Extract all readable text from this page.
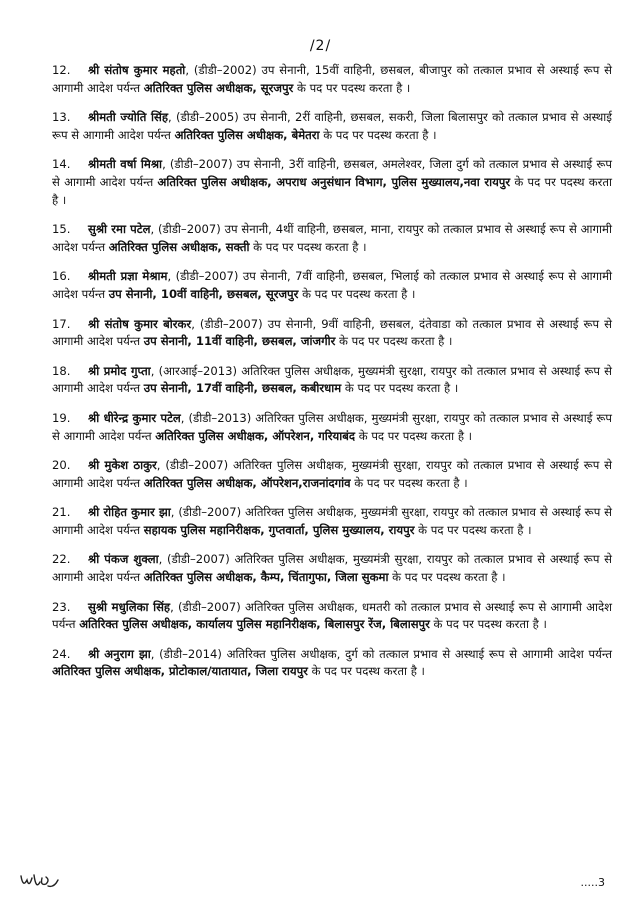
/2/
12. श्री संतोष कुमार महतो, (डीडी–2002) उप सेनानी, 15वीं वाहिनी, छसबल, बीजापुर को तत्काल प्रभाव से अस्थाई रूप से आगामी आदेश पर्यन्त अतिरिक्त पुलिस अधीक्षक, सूरजपुर के पद पर पदस्थ करता है ।
13. श्रीमती ज्योति सिंह, (डीडी–2005) उप सेनानी, 2रीं वाहिनी, छसबल, सकरी, जिला बिलासपुर को तत्काल प्रभाव से अस्थाई रूप से आगामी आदेश पर्यन्त अतिरिक्त पुलिस अधीक्षक, बेमेतरा के पद पर पदस्थ करता है ।
14. श्रीमती वर्षा मिश्रा, (डीडी–2007) उप सेनानी, 3रीं वाहिनी, छसबल, अमलेश्वर, जिला दुर्ग को तत्काल प्रभाव से अस्थाई रूप से आगामी आदेश पर्यन्त अतिरिक्त पुलिस अधीक्षक, अपराध अनुसंधान विभाग, पुलिस मुख्यालय,नवा रायपुर के पद पर पदस्थ करता है ।
15. सुश्री रमा पटेल, (डीडी–2007) उप सेनानी, 4थीं वाहिनी, छसबल, माना, रायपुर को तत्काल प्रभाव से अस्थाई रूप से आगामी आदेश पर्यन्त अतिरिक्त पुलिस अधीक्षक, सक्ती के पद पर पदस्थ करता है ।
16. श्रीमती प्रज्ञा मेश्राम, (डीडी–2007) उप सेनानी, 7वीं वाहिनी, छसबल, भिलाई को तत्काल प्रभाव से अस्थाई रूप से आगामी आदेश पर्यन्त उप सेनानी, 10वीं वाहिनी, छसबल, सूरजपुर के पद पर पदस्थ करता है ।
17. श्री संतोष कुमार बोरकर, (डीडी–2007) उप सेनानी, 9वीं वाहिनी, छसबल, दंतेवाडा को तत्काल प्रभाव से अस्थाई रूप से आगामी आदेश पर्यन्त उप सेनानी, 11वीं वाहिनी, छसबल, जांजगीर के पद पर पदस्थ करता है ।
18. श्री प्रमोद गुप्ता, (आरआई–2013) अतिरिक्त पुलिस अधीक्षक, मुख्यमंत्री सुरक्षा, रायपुर को तत्काल प्रभाव से अस्थाई रूप से आगामी आदेश पर्यन्त उप सेनानी, 17वीं वाहिनी, छसबल, कबीरधाम के पद पर पदस्थ करता है ।
19. श्री धीरेन्द्र कुमार पटेल, (डीडी–2013) अतिरिक्त पुलिस अधीक्षक, मुख्यमंत्री सुरक्षा, रायपुर को तत्काल प्रभाव से अस्थाई रूप से आगामी आदेश पर्यन्त अतिरिक्त पुलिस अधीक्षक, ऑपरेशन, गरियाबंद के पद पर पदस्थ करता है ।
20. श्री मुकेश ठाकुर, (डीडी–2007) अतिरिक्त पुलिस अधीक्षक, मुख्यमंत्री सुरक्षा, रायपुर को तत्काल प्रभाव से अस्थाई रूप से आगामी आदेश पर्यन्त अतिरिक्त पुलिस अधीक्षक, ऑपरेशन,राजनांदगांव के पद पर पदस्थ करता है ।
21. श्री रोहित कुमार झा, (डीडी–2007) अतिरिक्त पुलिस अधीक्षक, मुख्यमंत्री सुरक्षा, रायपुर को तत्काल प्रभाव से अस्थाई रूप से आगामी आदेश पर्यन्त सहायक पुलिस महानिरीक्षक, गुप्तवार्ता, पुलिस मुख्यालय, रायपुर के पद पर पदस्थ करता है ।
22. श्री पंकज शुक्ला, (डीडी–2007) अतिरिक्त पुलिस अधीक्षक, मुख्यमंत्री सुरक्षा, रायपुर को तत्काल प्रभाव से अस्थाई रूप से आगामी आदेश पर्यन्त अतिरिक्त पुलिस अधीक्षक, कैम्प, चिंतागुफा, जिला सुकमा के पद पर पदस्थ करता है ।
23. सुश्री मधुलिका सिंह, (डीडी–2007) अतिरिक्त पुलिस अधीक्षक, धमतरी को तत्काल प्रभाव से अस्थाई रूप से आगामी आदेश पर्यन्त अतिरिक्त पुलिस अधीक्षक, कार्यालय पुलिस महानिरीक्षक, बिलासपुर रेंज, बिलासपुर के पद पर पदस्थ करता है ।
24. श्री अनुराग झा, (डीडी–2014) अतिरिक्त पुलिस अधीक्षक, दुर्ग को तत्काल प्रभाव से अस्थाई रूप से आगामी आदेश पर्यन्त अतिरिक्त पुलिस अधीक्षक, प्रोटोकाल/यातायात, जिला रायपुर के पद पर पदस्थ करता है ।
.....3
